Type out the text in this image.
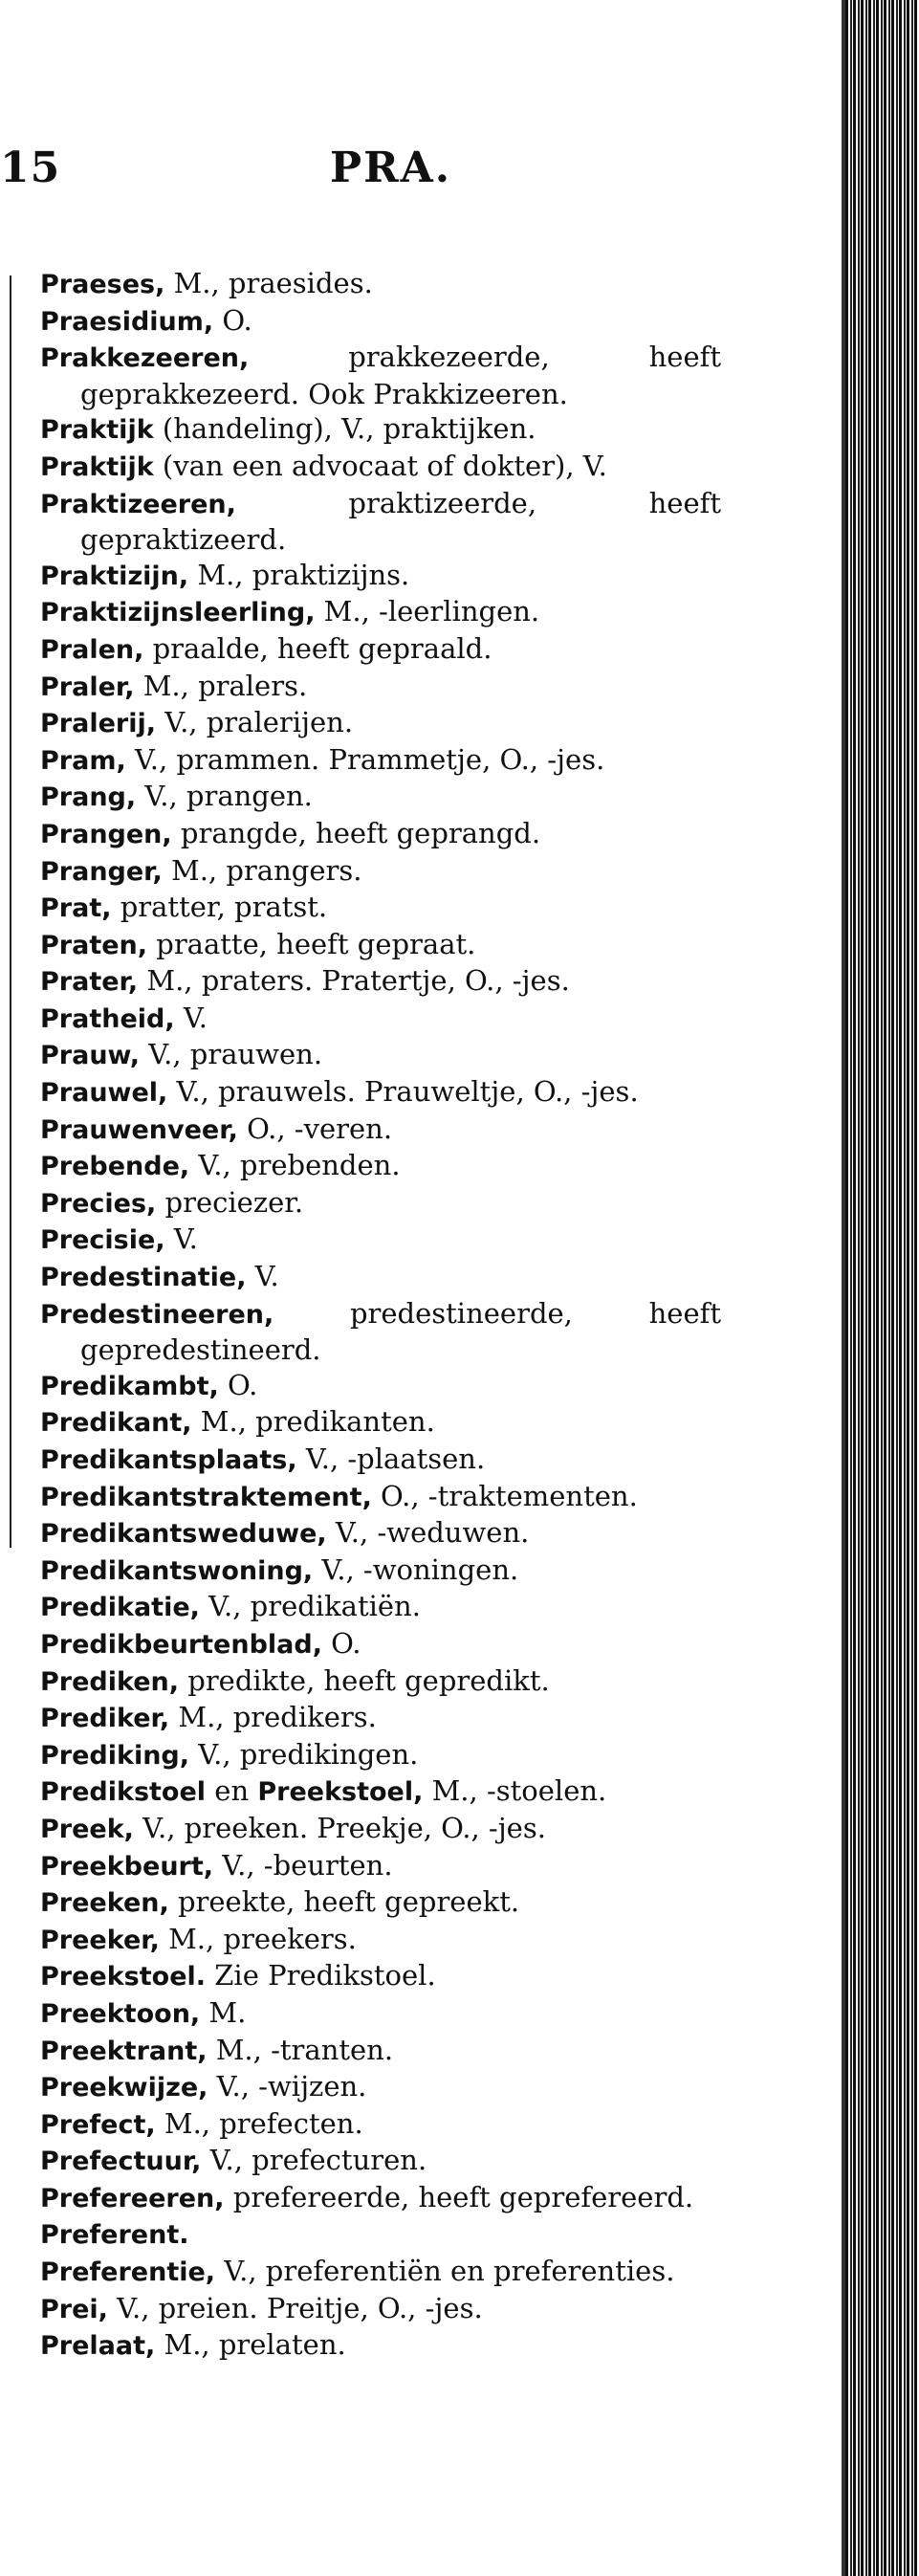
15	PRA.
Praeses, M., praesides.
Praesidium, O.
Prakkezeeren, prakkezeerde, heeft geprakkezeerd. Ook Prakkizeeren.
Praktijk (handeling), V., praktijken.
Praktijk (van een advocaat of dokter), V.
Praktizeeren, praktizeerde, heeft gepraktizeerd.
Praktizijn, M., praktizijns.
Praktizijnsleerling, M., -leerlingen.
Pralen, praalde, heeft gepraald.
Praler, M., pralers.
Pralerij, V., pralerijen.
Pram, V., prammen. Prammetje, O., -jes.
Prang, V., prangen.
Prangen, prangde, heeft geprangd.
Pranger, M., prangers.
Prat, pratter, pratst.
Praten, praatte, heeft gepraat.
Prater, M., praters. Pratertje, O., -jes.
Pratheid, V.
Prauw, V., prauwen.
Prauwel, V., prauwels. Prauweltje, O., -jes.
Prauwenveer, O., -veren.
Prebende, V., prebenden.
Precies, preciezer.
Precisie, V.
Predestinatie, V.
Predestineeren, predestineerde, heeft gepredestineerd.
Predikambt, O.
Predikant, M., predikanten.
Predikantsplaats, V., -plaatsen.
Predikantstraktement, O., -traktementen.
Predikantsweduwe, V., -weduwen.
Predikantswoning, V., -woningen.
Predikatie, V., predikatiën.
Predikbeurtenblad, O.
Prediken, predikte, heeft gepredikt.
Prediker, M., predikers.
Prediking, V., predikingen.
Predikstoel en Preekstoel, M., -stoelen.
Preek, V., preeken. Preekje, O., -jes.
Preekbeurt, V., -beurten.
Preeken, preekte, heeft gepreekt.
Preeker, M., preekers.
Preekstoel. Zie Predikstoel.
Preektoon, M.
Preektrant, M., -tranten.
Preekwijze, V., -wijzen.
Prefect, M., prefecten.
Prefectuur, V., prefecturen.
Prefereeren, prefereerde, heeft geprefereerd.
Preferent.
Preferentie, V., preferentiën en preferenties.
Prei, V., preien. Preitje, O., -jes.
Prelaat, M., prelaten.
